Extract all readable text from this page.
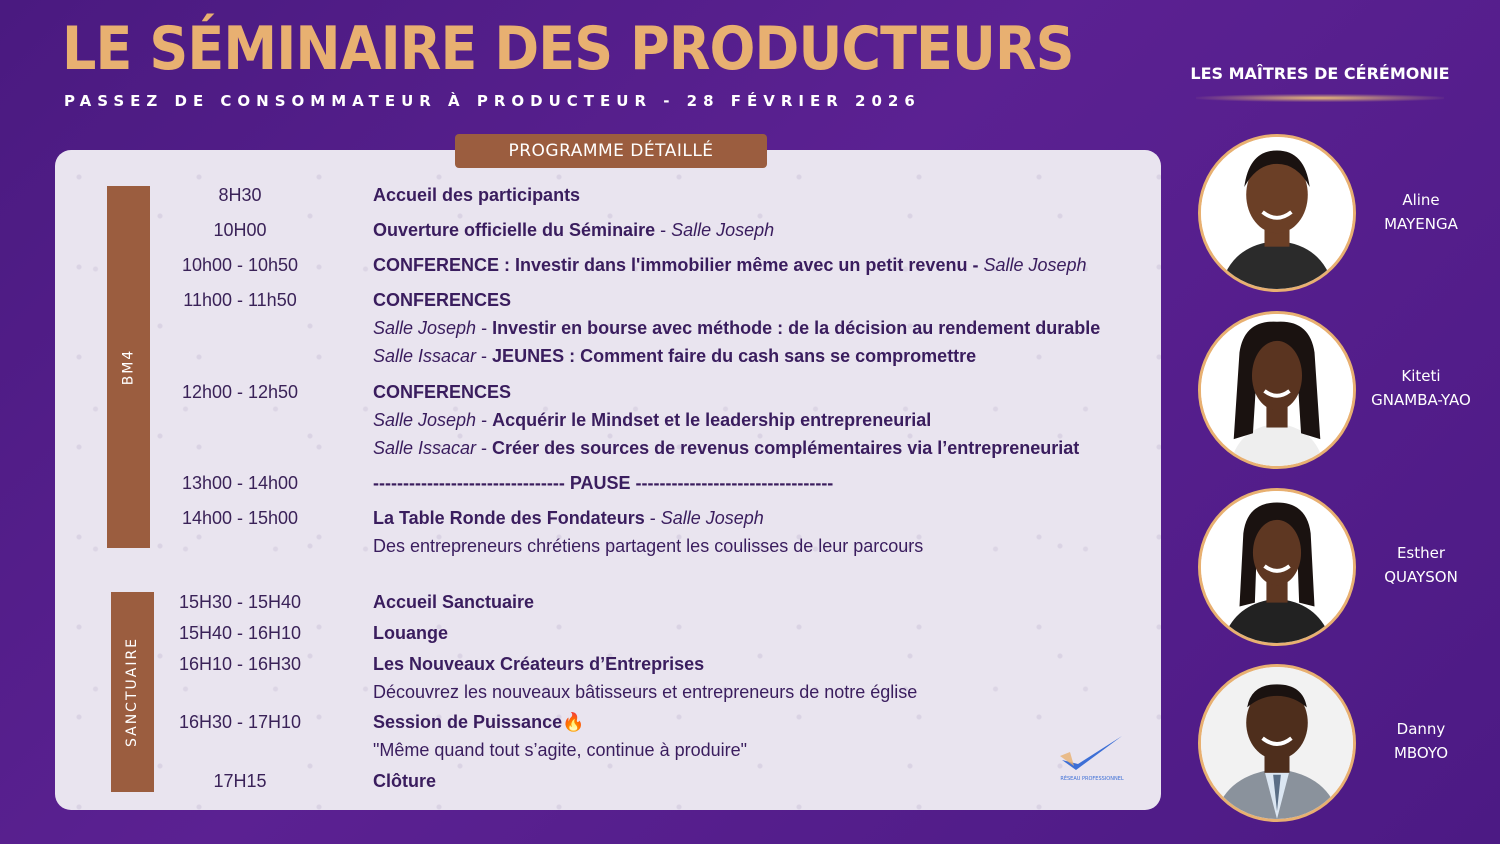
LE SÉMINAIRE DES PRODUCTEURS
PASSEZ DE CONSOMMATEUR À PRODUCTEUR - 28 FÉVRIER 2026
PROGRAMME DÉTAILLÉ
BM4
SANCTUAIRE
8H30
10H00
10h00 - 10h50
11h00 - 11h50
12h00 - 12h50
13h00 - 14h00
14h00 - 15h00
15H30 - 15H40
15H40 - 16H10
16H10 - 16H30
16H30 - 17H10
17H15
Accueil des participants
Ouverture officielle du Séminaire - Salle Joseph
CONFERENCE : Investir dans l'immobilier même avec un petit revenu - Salle Joseph
CONFERENCES
Salle Joseph - Investir en bourse avec méthode : de la décision au rendement durable
Salle Issacar - JEUNES : Comment faire du cash sans se compromettre
CONFERENCES
Salle Joseph - Acquérir le Mindset et le leadership entrepreneurial
Salle Issacar - Créer des sources de revenus complémentaires via l’entrepreneuriat
-------------------------------- PAUSE ---------------------------------
La Table Ronde des Fondateurs - Salle Joseph
Des entrepreneurs chrétiens partagent les coulisses de leur parcours
Accueil Sanctuaire
Louange
Les Nouveaux Créateurs d’Entreprises
Découvrez les nouveaux bâtisseurs et entrepreneurs de notre église
Session de Puissance🔥
"Même quand tout s’agite, continue à produire"
Clôture	RÉSEAU PROFESSIONNEL
LES MAÎTRES DE CÉRÉMONIE
Aline
MAYENGA
Kiteti
GNAMBA-YAO
Esther
QUAYSON
Danny
MBOYO
